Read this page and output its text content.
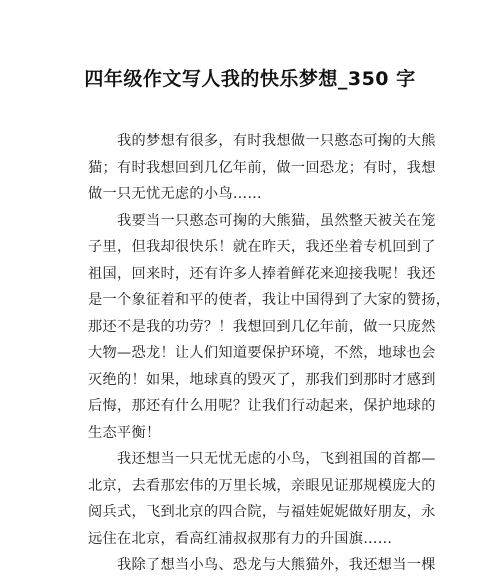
四年级作文写人我的快乐梦想_350 字
我的梦想有很多，有时我想做一只憨态可掬的大熊
猫；有时我想回到几亿年前，做一回恐龙；有时，我想
做一只无忧无虑的小鸟……
我要当一只憨态可掬的大熊猫，虽然整天被关在笼
子里，但我却很快乐！就在昨天，我还坐着专机回到了
祖国，回来时，还有许多人捧着鲜花来迎接我呢！我还
是一个象征着和平的使者，我让中国得到了大家的赞扬，
那还不是我的功劳？！我想回到几亿年前，做一只庞然
大物—恐龙！让人们知道要保护环境，不然，地球也会
灭绝的！如果，地球真的毁灭了，那我们到那时才感到
后悔，那还有什么用呢？让我们行动起来，保护地球的
生态平衡！
我还想当一只无忧无虑的小鸟，飞到祖国的首都—
北京，去看那宏伟的万里长城，亲眼见证那规模庞大的
阅兵式，飞到北京的四合院，与福娃妮妮做好朋友，永
远住在北京，看高红浦叔叔那有力的升国旗……
我除了想当小鸟、恐龙与大熊猫外，我还想当一棵
